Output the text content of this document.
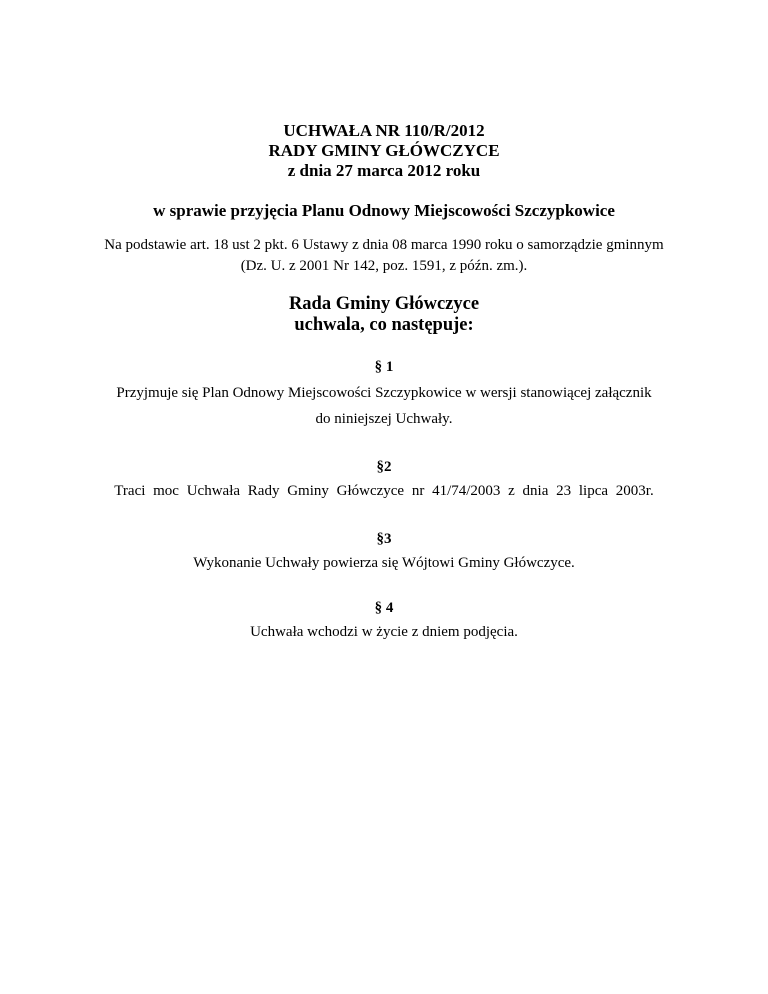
UCHWAŁA NR 110/R/2012
RADY GMINY GŁÓWCZYCE
z dnia 27 marca 2012 roku
w sprawie przyjęcia Planu Odnowy Miejscowości Szczypkowice
Na podstawie art. 18 ust 2 pkt. 6 Ustawy z dnia 08 marca 1990 roku o samorządzie gminnym
(Dz. U. z 2001 Nr 142, poz. 1591, z późn. zm.).
Rada Gminy Główczyce
uchwala, co następuje:
§ 1
Przyjmuje się Plan Odnowy Miejscowości Szczypkowice w wersji stanowiącej załącznik
do niniejszej Uchwały.
§2
Traci moc Uchwała Rady Gminy Główczyce nr 41/74/2003 z dnia 23 lipca 2003r.
§3
Wykonanie Uchwały powierza się Wójtowi Gminy Główczyce.
§ 4
Uchwała wchodzi w życie z dniem podjęcia.
